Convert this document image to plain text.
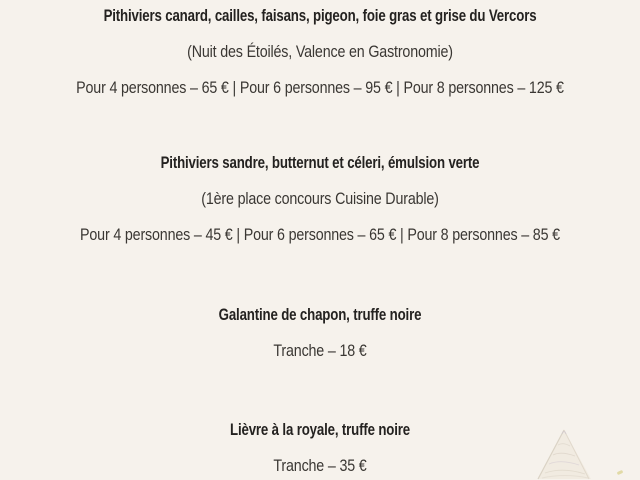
Pithiviers canard, cailles, faisans, pigeon, foie gras et grise du Vercors
(Nuit des Étoilés, Valence en Gastronomie)
Pour 4 personnes – 65 € | Pour 6 personnes – 95 € | Pour 8 personnes – 125 €
Pithiviers sandre, butternut et céleri, émulsion verte
(1ère place concours Cuisine Durable)
Pour 4 personnes – 45 € | Pour 6 personnes – 65 € | Pour 8 personnes – 85 €
Galantine de chapon, truffe noire
Tranche – 18 €
Lièvre à la royale, truffe noire
Tranche – 35 €
